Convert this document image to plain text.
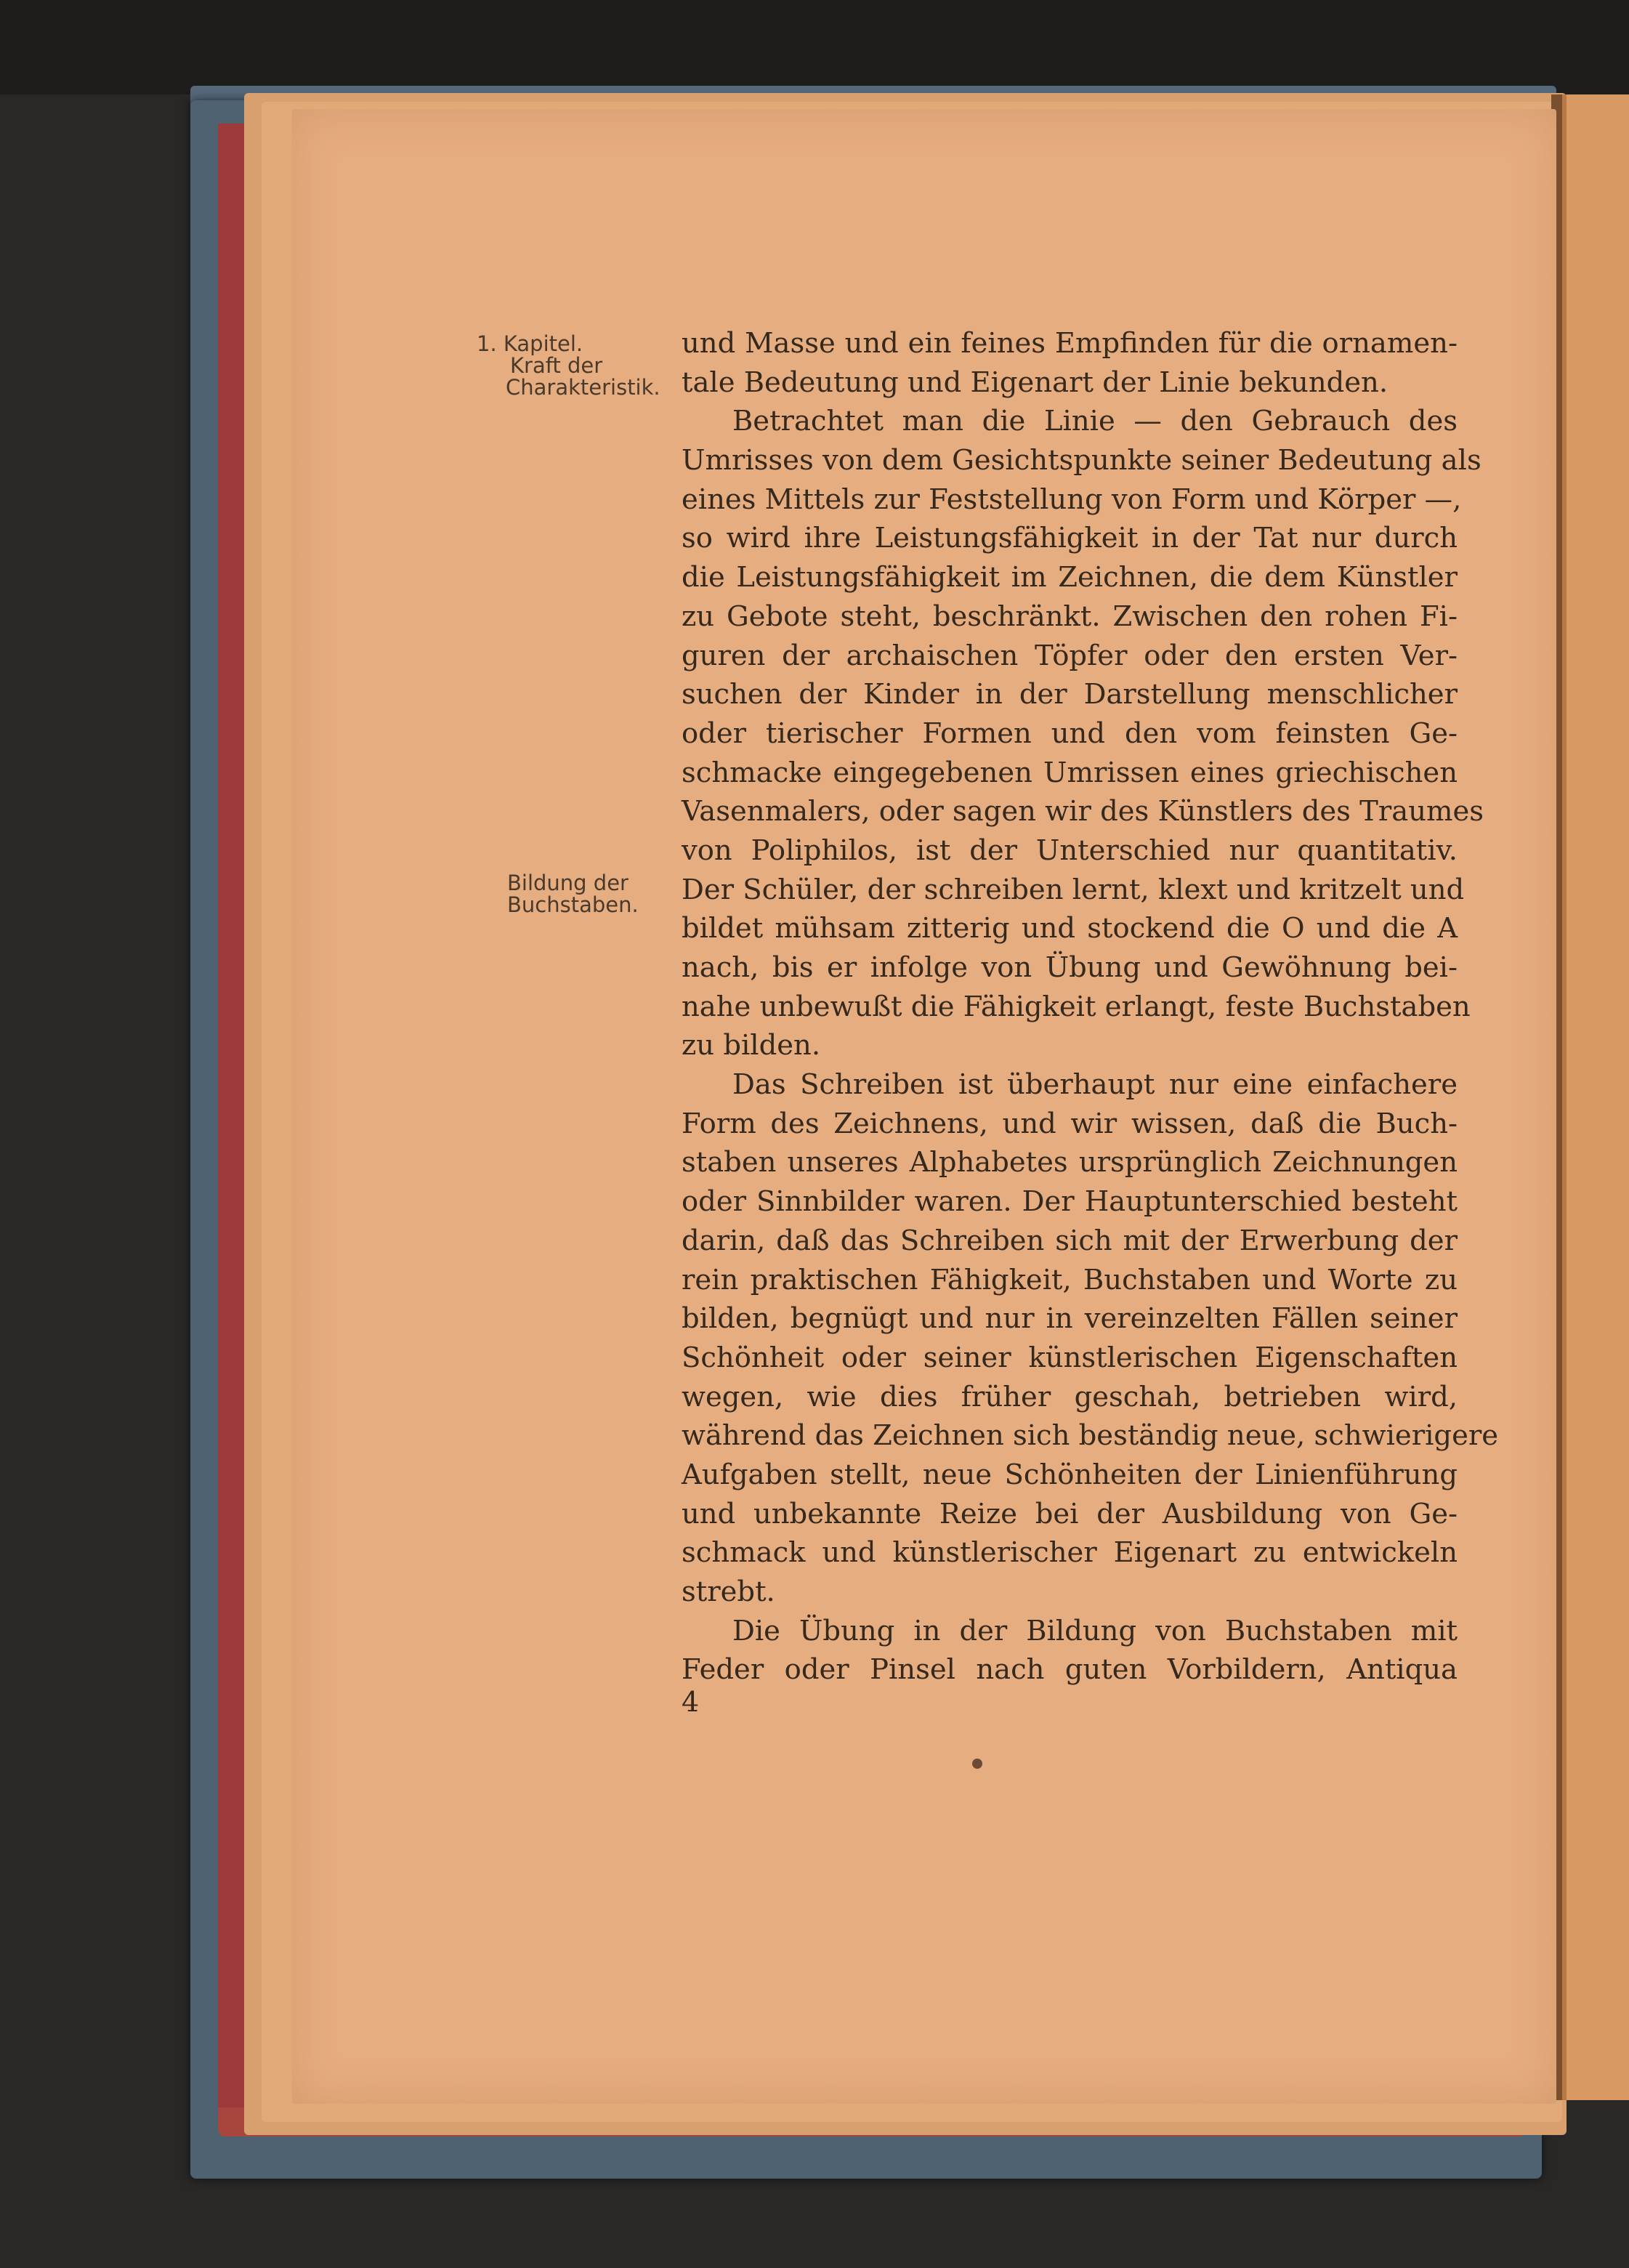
1. Kapitel.
Kraft der
Charakteristik.
Bildung der
Buchstaben.
und Masse und ein feines Empfinden für die ornamen-
tale Bedeutung und Eigenart der Linie bekunden.
Betrachtet man die Linie — den Gebrauch des
Umrisses von dem Gesichtspunkte seiner Bedeutung als
eines Mittels zur Feststellung von Form und Körper —,
so wird ihre Leistungsfähigkeit in der Tat nur durch
die Leistungsfähigkeit im Zeichnen, die dem Künstler
zu Gebote steht, beschränkt. Zwischen den rohen Fi-
guren der archaischen Töpfer oder den ersten Ver-
suchen der Kinder in der Darstellung menschlicher
oder tierischer Formen und den vom feinsten Ge-
schmacke eingegebenen Umrissen eines griechischen
Vasenmalers, oder sagen wir des Künstlers des Traumes
von Poliphilos, ist der Unterschied nur quantitativ.
Der Schüler, der schreiben lernt, klext und kritzelt und
bildet mühsam zitterig und stockend die O und die A
nach, bis er infolge von Übung und Gewöhnung bei-
nahe unbewußt die Fähigkeit erlangt, feste Buchstaben
zu bilden.
Das Schreiben ist überhaupt nur eine einfachere
Form des Zeichnens, und wir wissen, daß die Buch-
staben unseres Alphabetes ursprünglich Zeichnungen
oder Sinnbilder waren. Der Hauptunterschied besteht
darin, daß das Schreiben sich mit der Erwerbung der
rein praktischen Fähigkeit, Buchstaben und Worte zu
bilden, begnügt und nur in vereinzelten Fällen seiner
Schönheit oder seiner künstlerischen Eigenschaften
wegen, wie dies früher geschah, betrieben wird,
während das Zeichnen sich beständig neue, schwierigere
Aufgaben stellt, neue Schönheiten der Linienführung
und unbekannte Reize bei der Ausbildung von Ge-
schmack und künstlerischer Eigenart zu entwickeln
strebt.
Die Übung in der Bildung von Buchstaben mit
Feder oder Pinsel nach guten Vorbildern, Antiqua
4
